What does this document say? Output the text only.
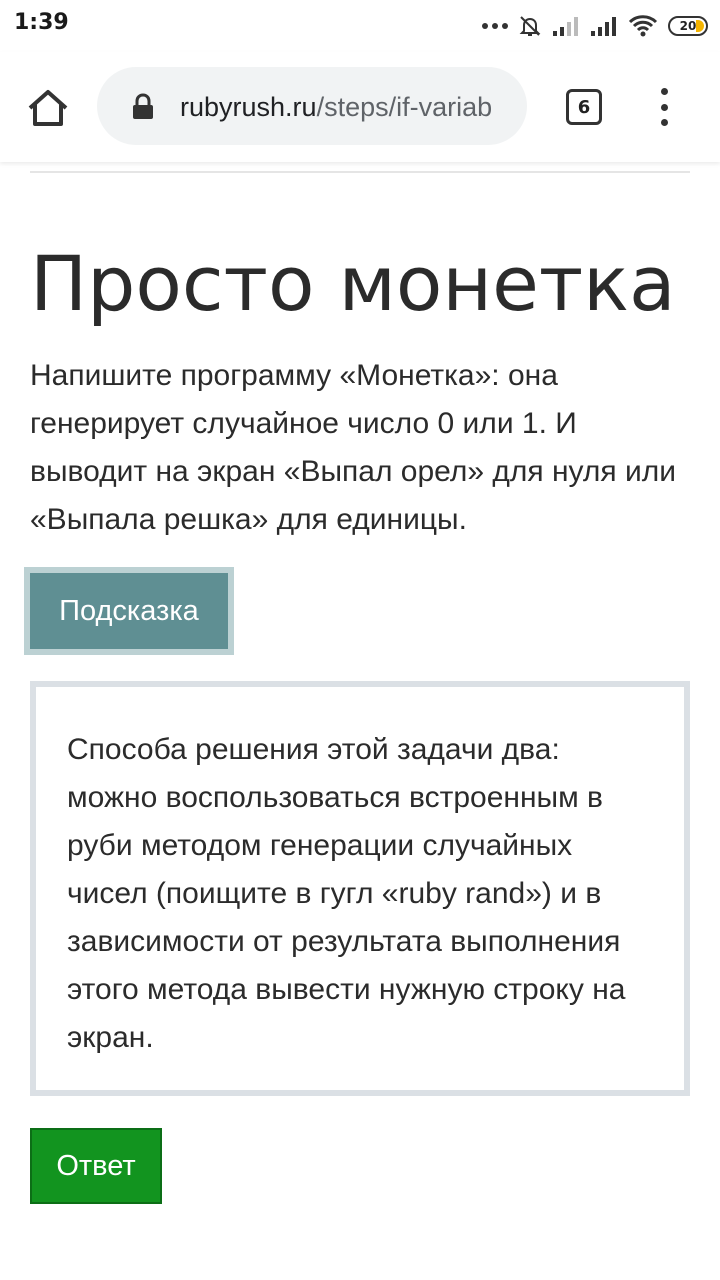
1:39	20
rubyrush.ru/steps/if-variab	6
Просто монетка

Напишите программу «Монетка»: она генерирует случайное число 0 или 1. И выводит на экран «Выпал орел» для нуля или «Выпала решка» для единицы.

Подсказка

Способа решения этой задачи два: можно воспользоваться встроенным в руби методом генерации случайных чисел (поищите в гугл «ruby rand») и в зависимости от результата выполнения этого метода вывести нужную строку на экран.

Ответ
